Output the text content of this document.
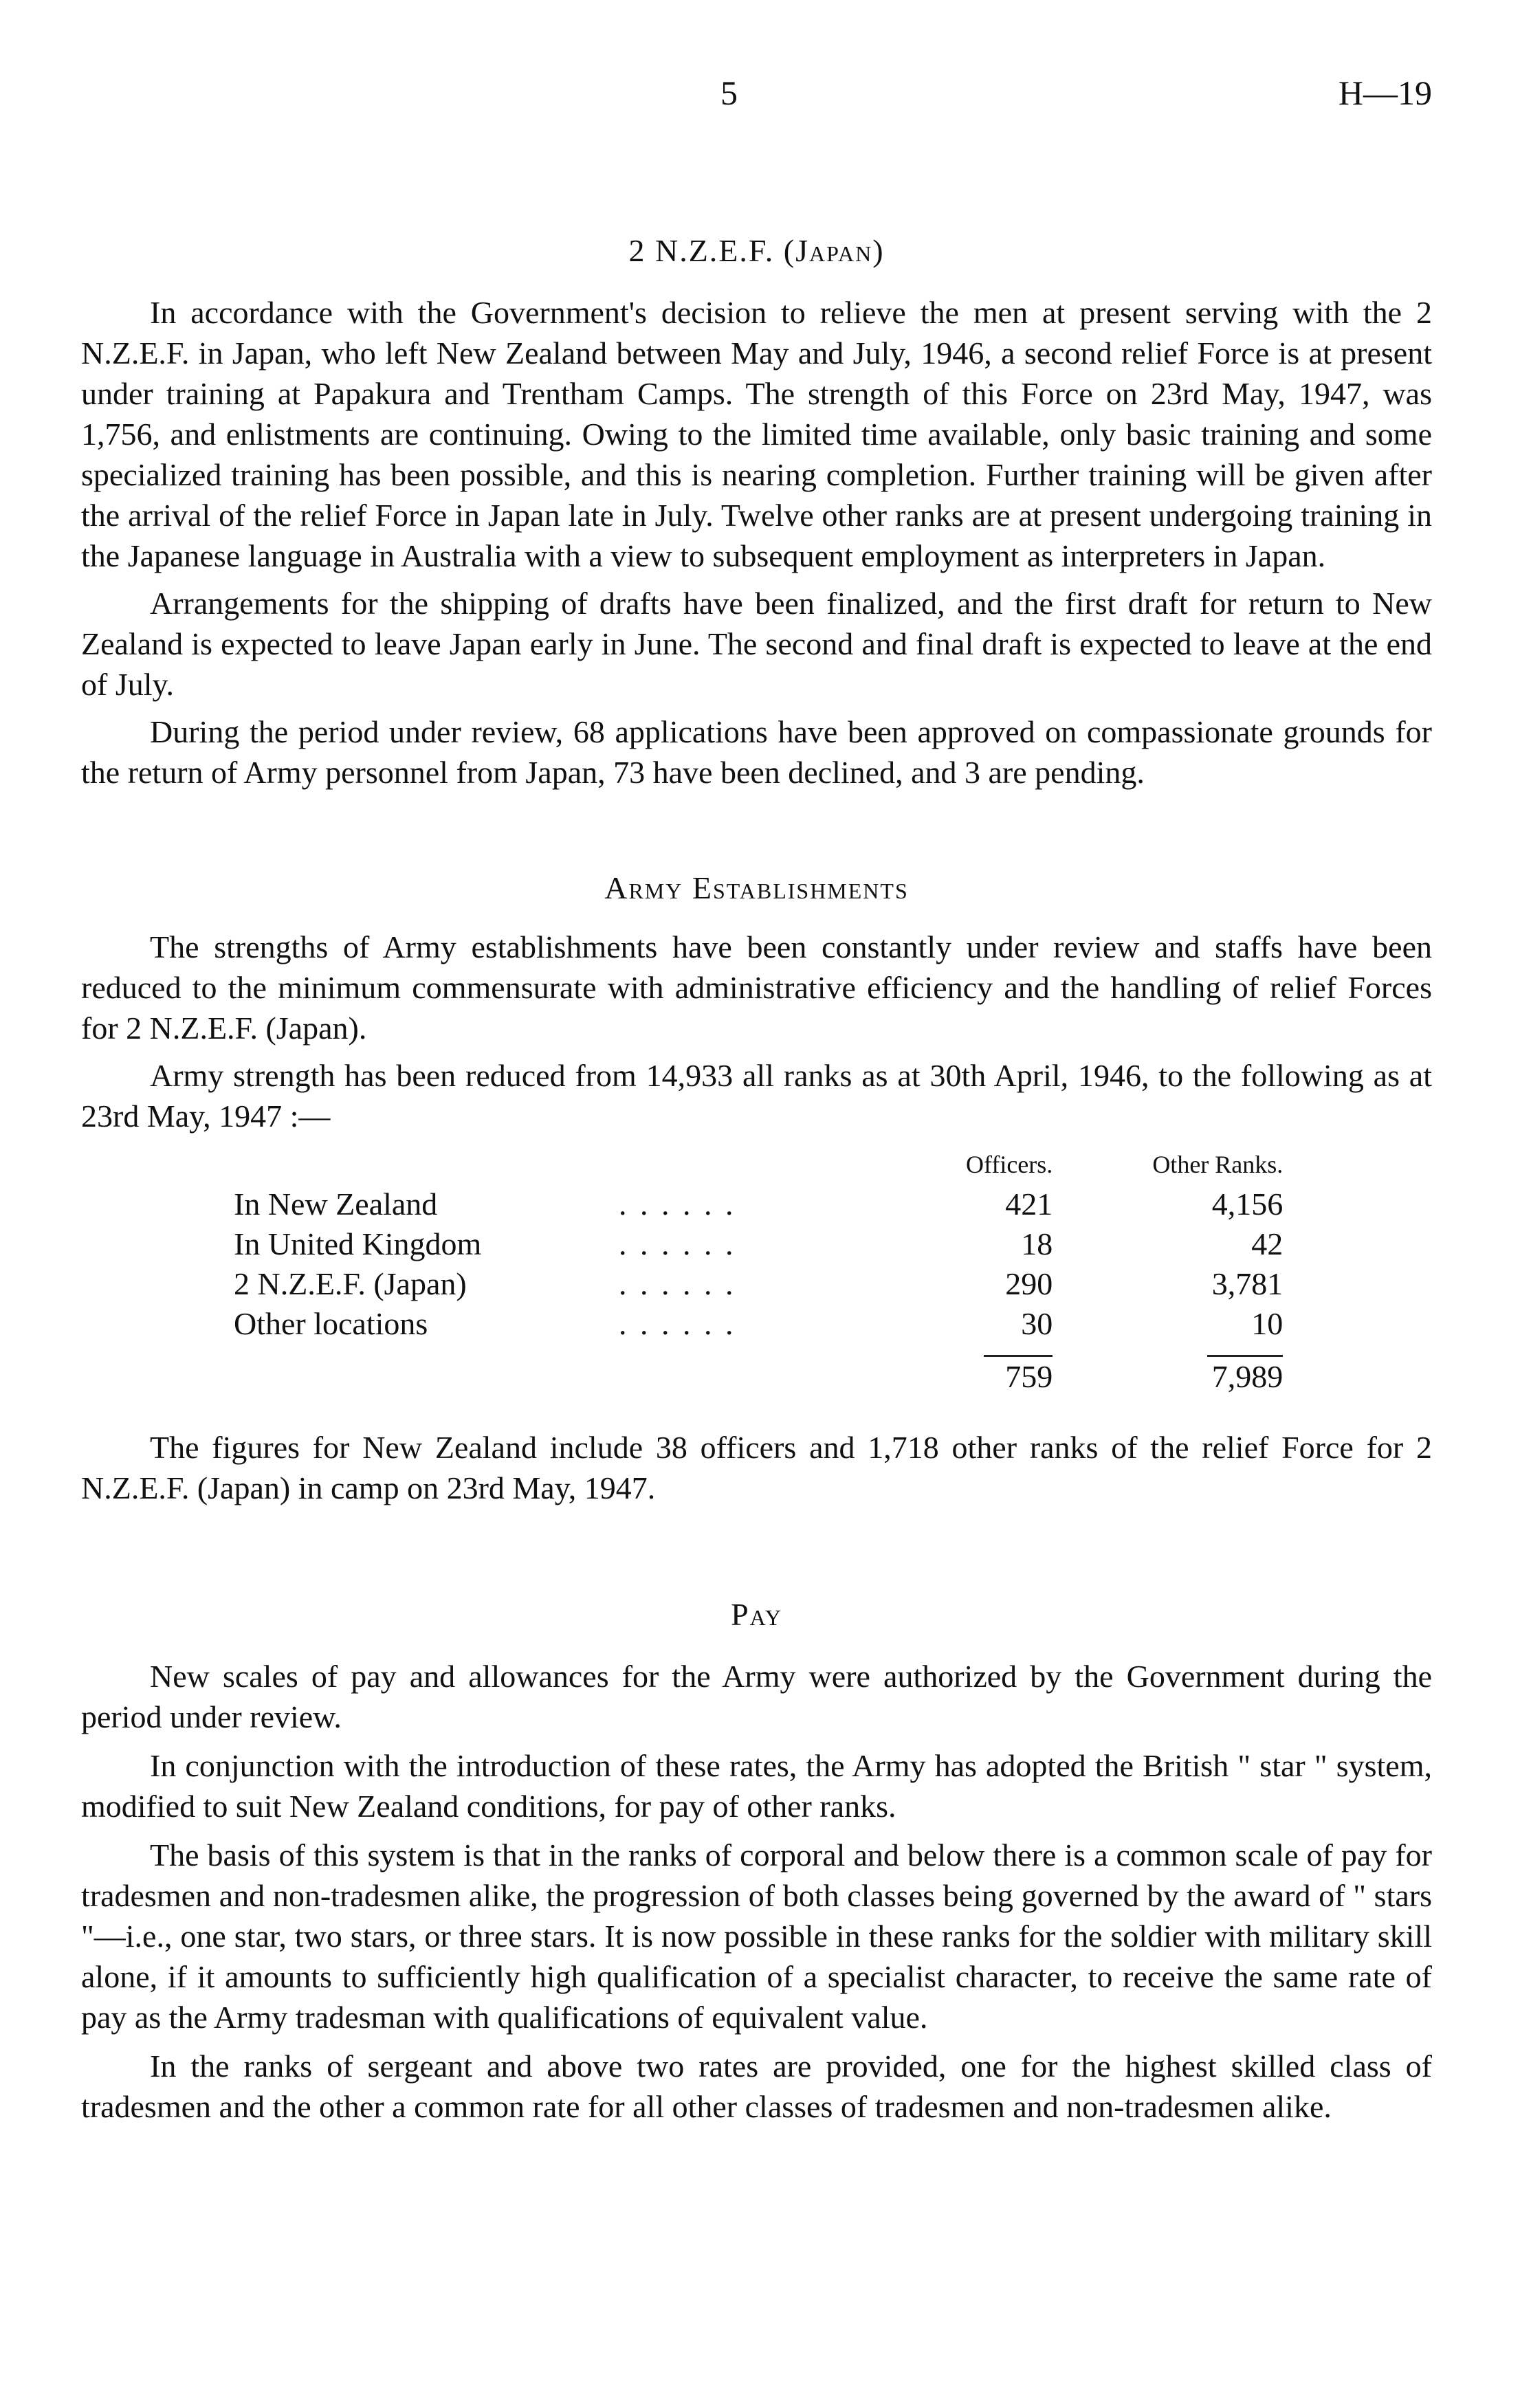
5	H—19
2 N.Z.E.F. (Japan)

In accordance with the Government's decision to relieve the men at present serving with the 2 N.Z.E.F. in Japan, who left New Zealand between May and July, 1946, a second relief Force is at present under training at Papakura and Trentham Camps. The strength of this Force on 23rd May, 1947, was 1,756, and enlistments are continuing. Owing to the limited time available, only basic training and some specialized training has been possible, and this is nearing completion. Further training will be given after the arrival of the relief Force in Japan late in July. Twelve other ranks are at present undergoing training in the Japanese language in Australia with a view to subsequent employment as interpreters in Japan.

Arrangements for the shipping of drafts have been finalized, and the first draft for return to New Zealand is expected to leave Japan early in June. The second and final draft is expected to leave at the end of July.

During the period under review, 68 applications have been approved on compassionate grounds for the return of Army personnel from Japan, 73 have been declined, and 3 are pending.

Army Establishments

The strengths of Army establishments have been constantly under review and staffs have been reduced to the minimum commensurate with administrative efficiency and the handling of relief Forces for 2 N.Z.E.F. (Japan).

Army strength has been reduced from 14,933 all ranks as at 30th April, 1946, to the following as at 23rd May, 1947 :—

		Officers.	Other Ranks.
In New Zealand	. . . . . .	421	4,156
In United Kingdom	. . . . . .	18	42
2 N.Z.E.F. (Japan)	. . . . . .	290	3,781
Other locations	. . . . . .	30	10

		759	7,989

The figures for New Zealand include 38 officers and 1,718 other ranks of the relief Force for 2 N.Z.E.F. (Japan) in camp on 23rd May, 1947.

Pay

New scales of pay and allowances for the Army were authorized by the Government during the period under review.

In conjunction with the introduction of these rates, the Army has adopted the British " star " system, modified to suit New Zealand conditions, for pay of other ranks.

The basis of this system is that in the ranks of corporal and below there is a common scale of pay for tradesmen and non-tradesmen alike, the progression of both classes being governed by the award of " stars "—i.e., one star, two stars, or three stars. It is now possible in these ranks for the soldier with military skill alone, if it amounts to sufficiently high qualification of a specialist character, to receive the same rate of pay as the Army tradesman with qualifications of equivalent value.

In the ranks of sergeant and above two rates are provided, one for the highest skilled class of tradesmen and the other a common rate for all other classes of tradesmen and non-tradesmen alike.
